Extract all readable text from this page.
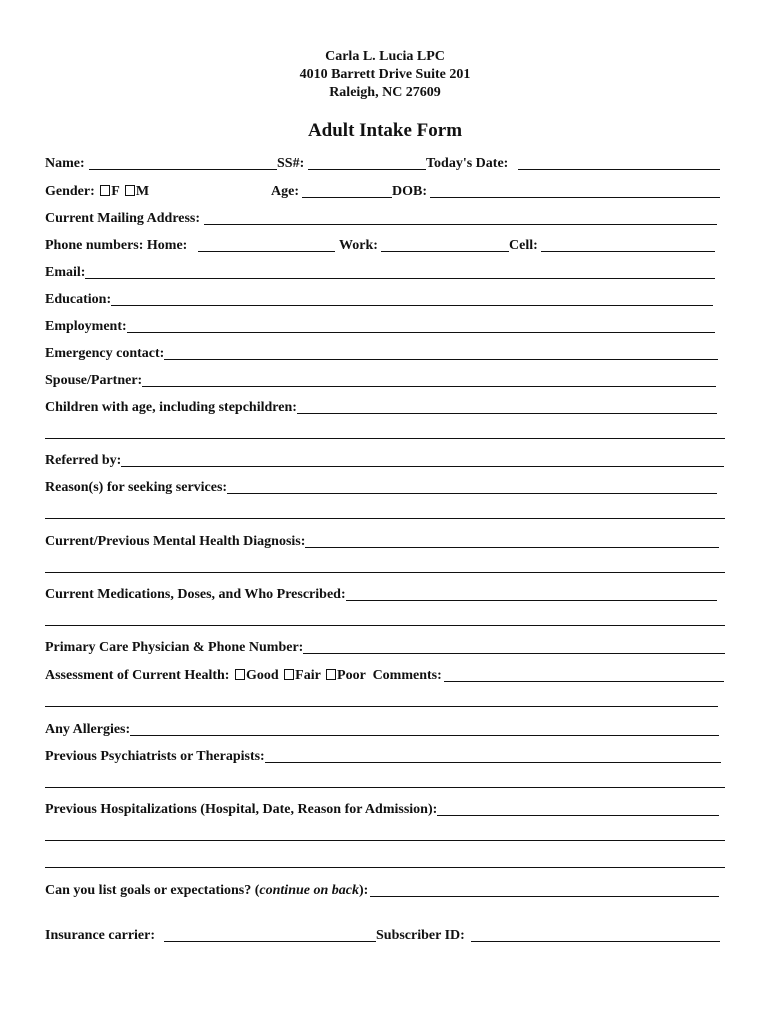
Carla L. Lucia LPC
4010 Barrett Drive Suite 201
Raleigh, NC 27609
Adult Intake Form
Name:	SS#:	Today's Date:
Gender: F M	Age:	DOB:
Current Mailing Address:
Phone numbers: Home:	Work:	Cell:
Email:
Education:
Employment:
Emergency contact:
Spouse/Partner:
Children with age, including stepchildren:
Referred by:
Reason(s) for seeking services:
Current/Previous Mental Health Diagnosis:
Current Medications, Doses, and Who Prescribed:
Primary Care Physician & Phone Number:
Assessment of Current Health: Good Fair Poor Comments:
Any Allergies:
Previous Psychiatrists or Therapists:
Previous Hospitalizations (Hospital, Date, Reason for Admission):
Can you list goals or expectations? (continue on back):
Insurance carrier:	Subscriber ID:
